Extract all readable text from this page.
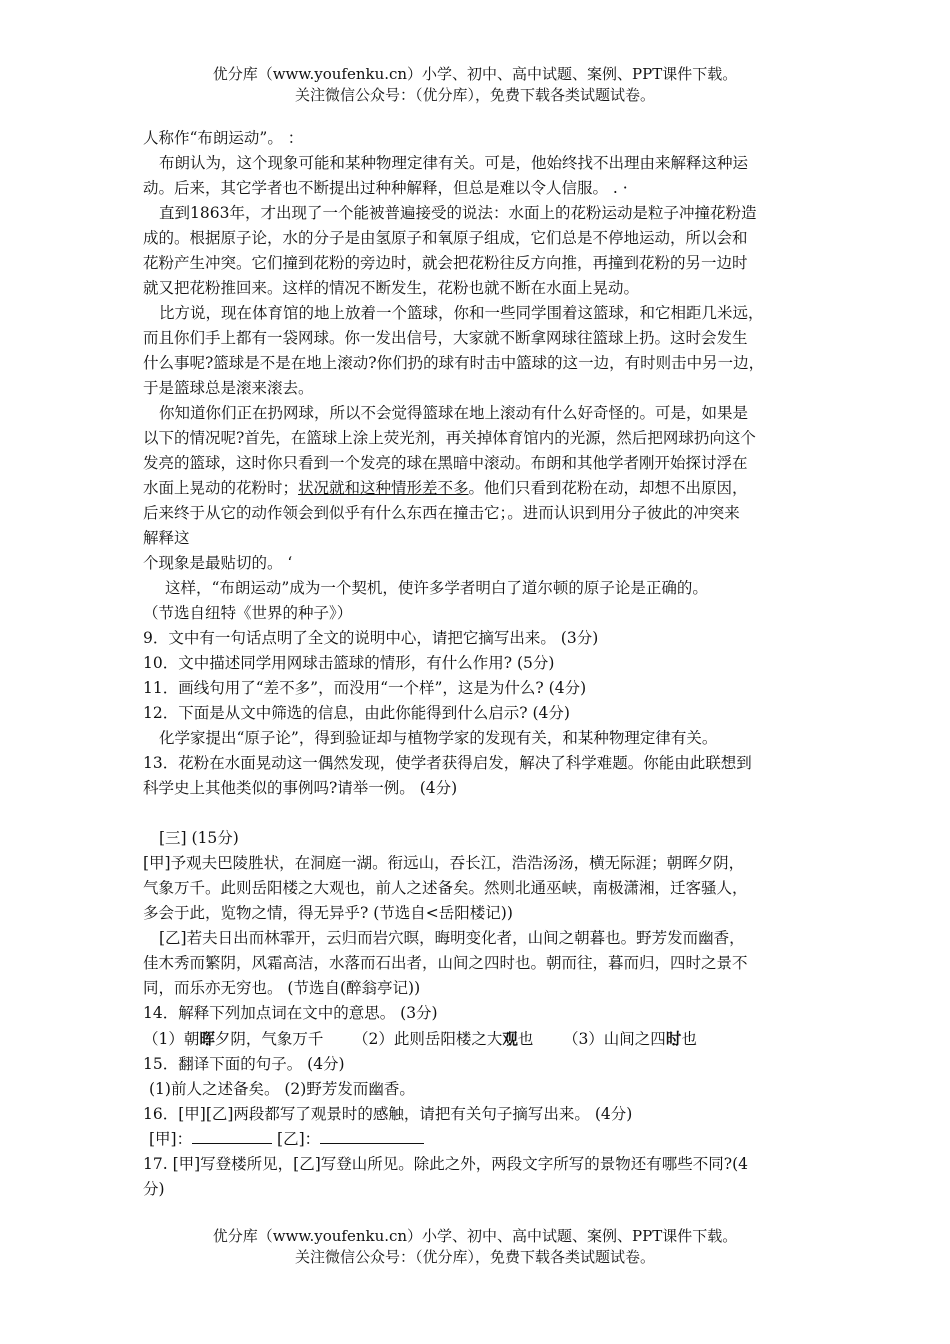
优分库（www.youfenku.cn）小学、初中、高中试题、案例、PPT课件下载。
关注微信公众号：（优分库），免费下载各类试题试卷。
人称作“布朗运动”。 ：
布朗认为，这个现象可能和某种物理定律有关。可是，他始终找不出理由来解释这种运
动。后来，其它学者也不断提出过种种解释，但总是难以令人信服。 . ·
直到1863年，才出现了一个能被普遍接受的说法：水面上的花粉运动是粒子冲撞花粉造
成的。根据原子论，水的分子是由氢原子和氧原子组成，它们总是不停地运动，所以会和
花粉产生冲突。它们撞到花粉的旁边时，就会把花粉往反方向推，再撞到花粉的另一边时
就又把花粉推回来。这样的情况不断发生，花粉也就不断在水面上晃动。
比方说，现在体育馆的地上放着一个篮球，你和一些同学围着这篮球，和它相距几米远，
而且你们手上都有一袋网球。你一发出信号，大家就不断拿网球往篮球上扔。这时会发生
什么事呢?篮球是不是在地上滚动?你们扔的球有时击中篮球的这一边，有时则击中另一边，
于是篮球总是滚来滚去。
你知道你们正在扔网球，所以不会觉得篮球在地上滚动有什么好奇怪的。可是，如果是
以下的情况呢?首先，在篮球上涂上荧光剂，再关掉体育馆内的光源，然后把网球扔向这个
发亮的篮球，这时你只看到一个发亮的球在黑暗中滚动。布朗和其他学者刚开始探讨浮在
水面上晃动的花粉时；状况就和这种情形差不多。他们只看到花粉在动，却想不出原因，
后来终于从它的动作领会到似乎有什么东西在撞击它；。进而认识到用分子彼此的冲突来
解释这
个现象是最贴切的。 ‘
这样，“布朗运动”成为一个契机，使许多学者明白了道尔顿的原子论是正确的。
（节选自纽特《世界的种子》）
9．文中有一句话点明了全文的说明中心，请把它摘写出来。 (3分)
10．文中描述同学用网球击篮球的情形，有什么作用? (5分)
11．画线句用了“差不多”，而没用“一个样”，这是为什么? (4分)
12．下面是从文中筛选的信息，由此你能得到什么启示? (4分)
化学家提出“原子论”，得到验证却与植物学家的发现有关，和某种物理定律有关。
13．花粉在水面晃动这一偶然发现，使学者获得启发，解决了科学难题。你能由此联想到
科学史上其他类似的事例吗?请举一例。 (4分)
[三] (15分)
[甲]予观夫巴陵胜状，在洞庭一湖。衔远山，吞长江，浩浩汤汤，横无际涯；朝晖夕阴，
气象万千。此则岳阳楼之大观也，前人之述备矣。然则北通巫峡，南极潇湘，迁客骚人，
多会于此，览物之情，得无异乎? (节选自<岳阳楼记))
[乙]若夫日出而林霏开，云归而岩穴暝，晦明变化者，山间之朝暮也。野芳发而幽香，
佳木秀而繁阴，风霜高洁，水落而石出者，山间之四时也。朝而往，暮而归，四时之景不
同，而乐亦无穷也。 (节选自(醉翁亭记))
14．解释下列加点词在文中的意思。 (3分)
（1）朝晖夕阴，气象万千 （2）此则岳阳楼之大观也 （3）山间之四时也
15．翻译下面的句子。 (4分)
(1)前人之述备矣。 (2)野芳发而幽香。
16．[甲][乙]两段都写了观景时的感触，请把有关句子摘写出来。 (4分)
[甲]：	[乙]：
17. [甲]写登楼所见，[乙]写登山所见。除此之外，两段文字所写的景物还有哪些不同?(4
分)
优分库（www.youfenku.cn）小学、初中、高中试题、案例、PPT课件下载。
关注微信公众号：（优分库），免费下载各类试题试卷。
